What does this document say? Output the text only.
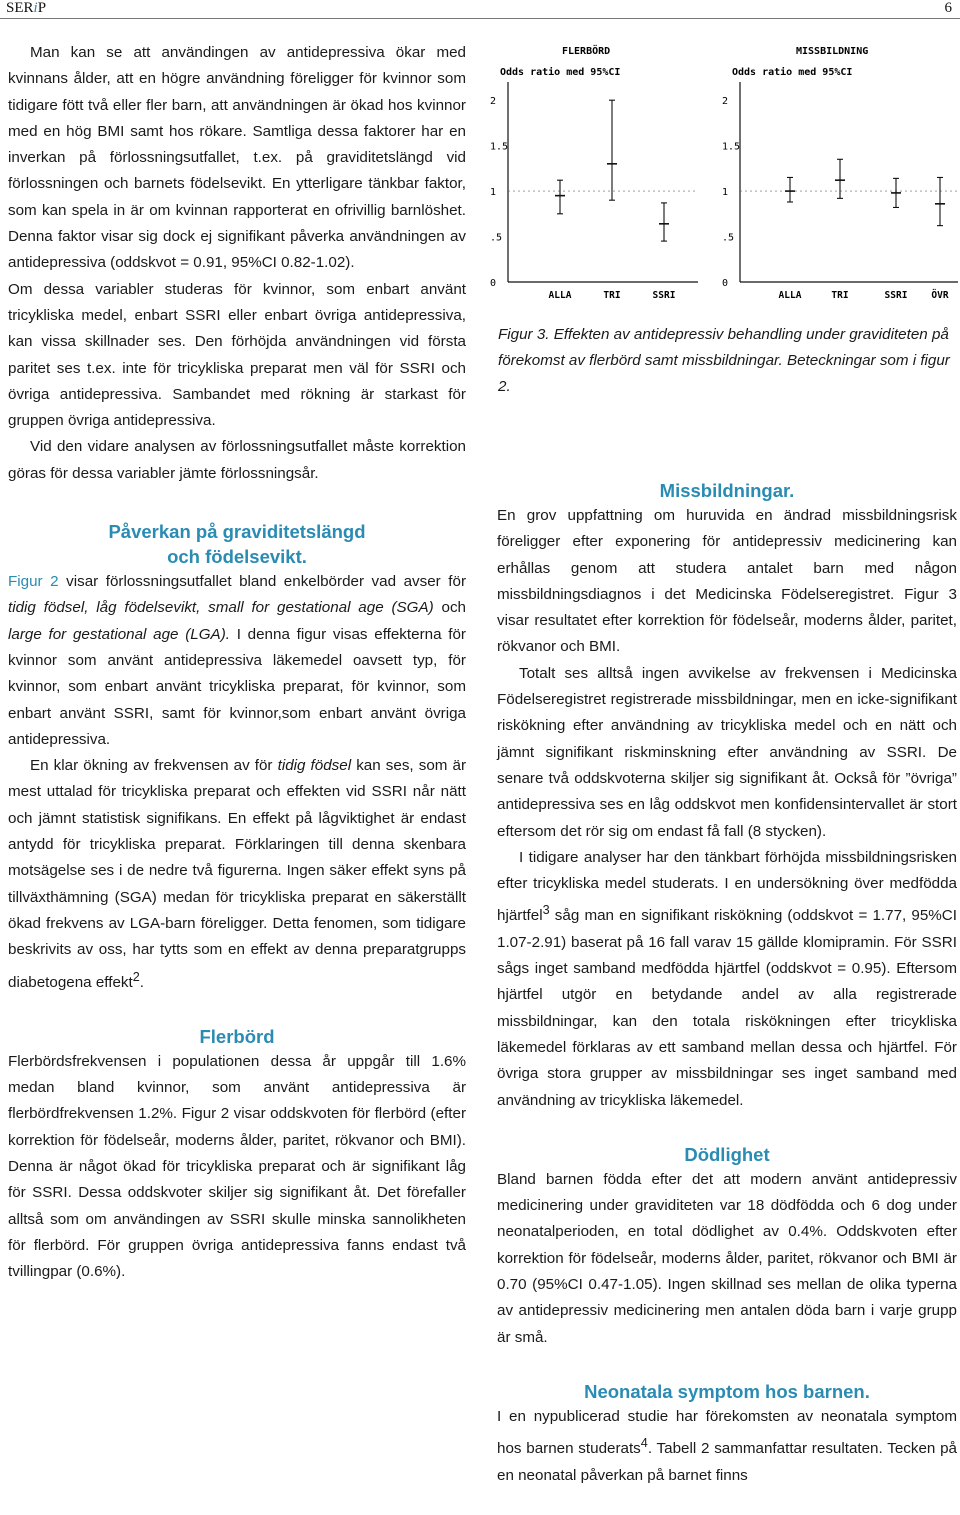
SERiP	6

Man kan se att användingen av antidepressiva ökar med kvinnans ålder, att en högre användning föreligger för kvinnor som tidigare fött två eller fler barn, att användningen är ökad hos kvinnor med en hög BMI samt hos rökare. Samtliga dessa faktorer har en inverkan på förlossningsutfallet, t.ex. på graviditetslängd vid förlossningen och barnets födelsevikt. En ytterligare tänkbar faktor, som kan spela in är om kvinnan rapporterat en ofrivillig barnlöshet. Denna faktor visar sig dock ej signifikant påverka användningen av antidepressiva (oddskvot = 0.91, 95%CI 0.82-1.02).

Om dessa variabler studeras för kvinnor, som enbart använt tricykliska medel, enbart SSRI eller enbart övriga antidepressiva, kan vissa skillnader ses. Den förhöjda användningen vid första paritet ses t.ex. inte för tricykliska preparat men väl för SSRI och övriga antidepressiva. Sambandet med rökning är starkast för gruppen övriga antidepressiva.

Vid den vidare analysen av förlossningsutfallet måste korrektion göras för dessa variabler jämte förlossningsår.

Påverkan på graviditetslängd
och födelsevikt.

Figur 2 visar förlossningsutfallet bland enkelbörder vad avser för tidig födsel, låg födelsevikt, small for gestational age (SGA) och large for gestational age (LGA). I denna figur visas effekterna för kvinnor som använt antidepressiva läkemedel oavsett typ, för kvinnor, som enbart använt tricykliska preparat, för kvinnor, som enbart använt SSRI, samt för kvinnor,som enbart använt övriga antidepressiva.

En klar ökning av frekvensen av för tidig födsel kan ses, som är mest uttalad för tricykliska preparat och effekten vid SSRI når nätt och jämnt statistisk signifikans. En effekt på lågviktighet är endast antydd för tricykliska preparat. Förklaringen till denna skenbara motsägelse ses i de nedre två figurerna. Ingen säker effekt syns på tillväxthämning (SGA) medan för tricykliska preparat en säkerställt ökad frekvens av LGA-barn föreligger. Detta fenomen, som tidigare beskrivits av oss, har tytts som en effekt av denna preparatgrupps diabetogena effekt$^2$.

Flerbörd

Flerbördsfrekvensen i populationen dessa år uppgår till 1.6% medan bland kvinnor, som använt antidepressiva är flerbördfrekvensen 1.2%. Figur 2 visar oddskvoten för flerbörd (efter korrektion för födelseår, moderns ålder, paritet, rökvanor och BMI). Denna är något ökad för tricykliska preparat och är signifikant låg för SSRI. Dessa oddskvoter skiljer sig signifikant åt. Det förefaller alltså som om användingen av SSRI skulle minska sannolikheten för flerbörd. För gruppen övriga antidepressiva fanns endast två tvillingpar (0.6%).

FLERBÖRD
Odds ratio med 95%CI
MISSBILDNING
Odds ratio med 95%CI
2
1.5
1
.5
0
ALLA	TRI	SSRI
2
1.5
1
.5
0
ALLA	TRI	SSRI	ÖVR

Figur 3. Effekten av antidepressiv behandling under graviditeten på förekomst av flerbörd samt missbildningar. Beteckningar som i figur 2.

Missbildningar.

En grov uppfattning om huruvida en ändrad missbildningsrisk föreligger efter exponering för antidepressiv medicinering kan erhållas genom att studera antalet barn med någon missbildningsdiagnos i det Medicinska Födelseregistret. Figur 3 visar resultatet efter korrektion för födelseår, moderns ålder, paritet, rökvanor och BMI.

Totalt ses alltså ingen avvikelse av frekvensen i Medicinska Födelseregistret registrerade missbildningar, men en icke-signifikant riskökning efter användning av tricykliska medel och en nätt och jämnt signifikant riskminskning efter användning av SSRI. De senare två oddskvoterna skiljer sig signifikant åt. Också för ”övriga” antidepressiva ses en låg oddskvot men konfidensintervallet är stort eftersom det rör sig om endast få fall (8 stycken).

I tidigare analyser har den tänkbart förhöjda missbildningsrisken efter tricykliska medel studerats. I en undersökning över medfödda hjärtfel$^3$ såg man en signifikant riskökning (oddskvot = 1.77, 95%CI 1.07-2.91) baserat på 16 fall varav 15 gällde klomipramin. För SSRI sågs inget samband medfödda hjärtfel (oddskvot = 0.95). Eftersom hjärtfel utgör en betydande andel av alla registrerade missbildningar, kan den totala riskökningen efter tricykliska läkemedel förklaras av ett samband mellan dessa och hjärtfel. För övriga stora grupper av missbildningar ses inget samband med användning av tricykliska läkemedel.

Dödlighet

Bland barnen födda efter det att modern använt antidepressiv medicinering under graviditeten var 18 dödfödda och 6 dog under neonatalperioden, en total dödlighet av 0.4%. Oddskvoten efter korrektion för födelseår, moderns ålder, paritet, rökvanor och BMI är 0.70 (95%CI 0.47-1.05). Ingen skillnad ses mellan de olika typerna av antidepressiv medicinering men antalen döda barn i varje grupp är små.

Neonatala symptom hos barnen.

I en nypublicerad studie har förekomsten av neonatala symptom hos barnen studerats$^4$. Tabell 2 sammanfattar resultaten. Tecken på en neonatal påverkan på barnet finns
